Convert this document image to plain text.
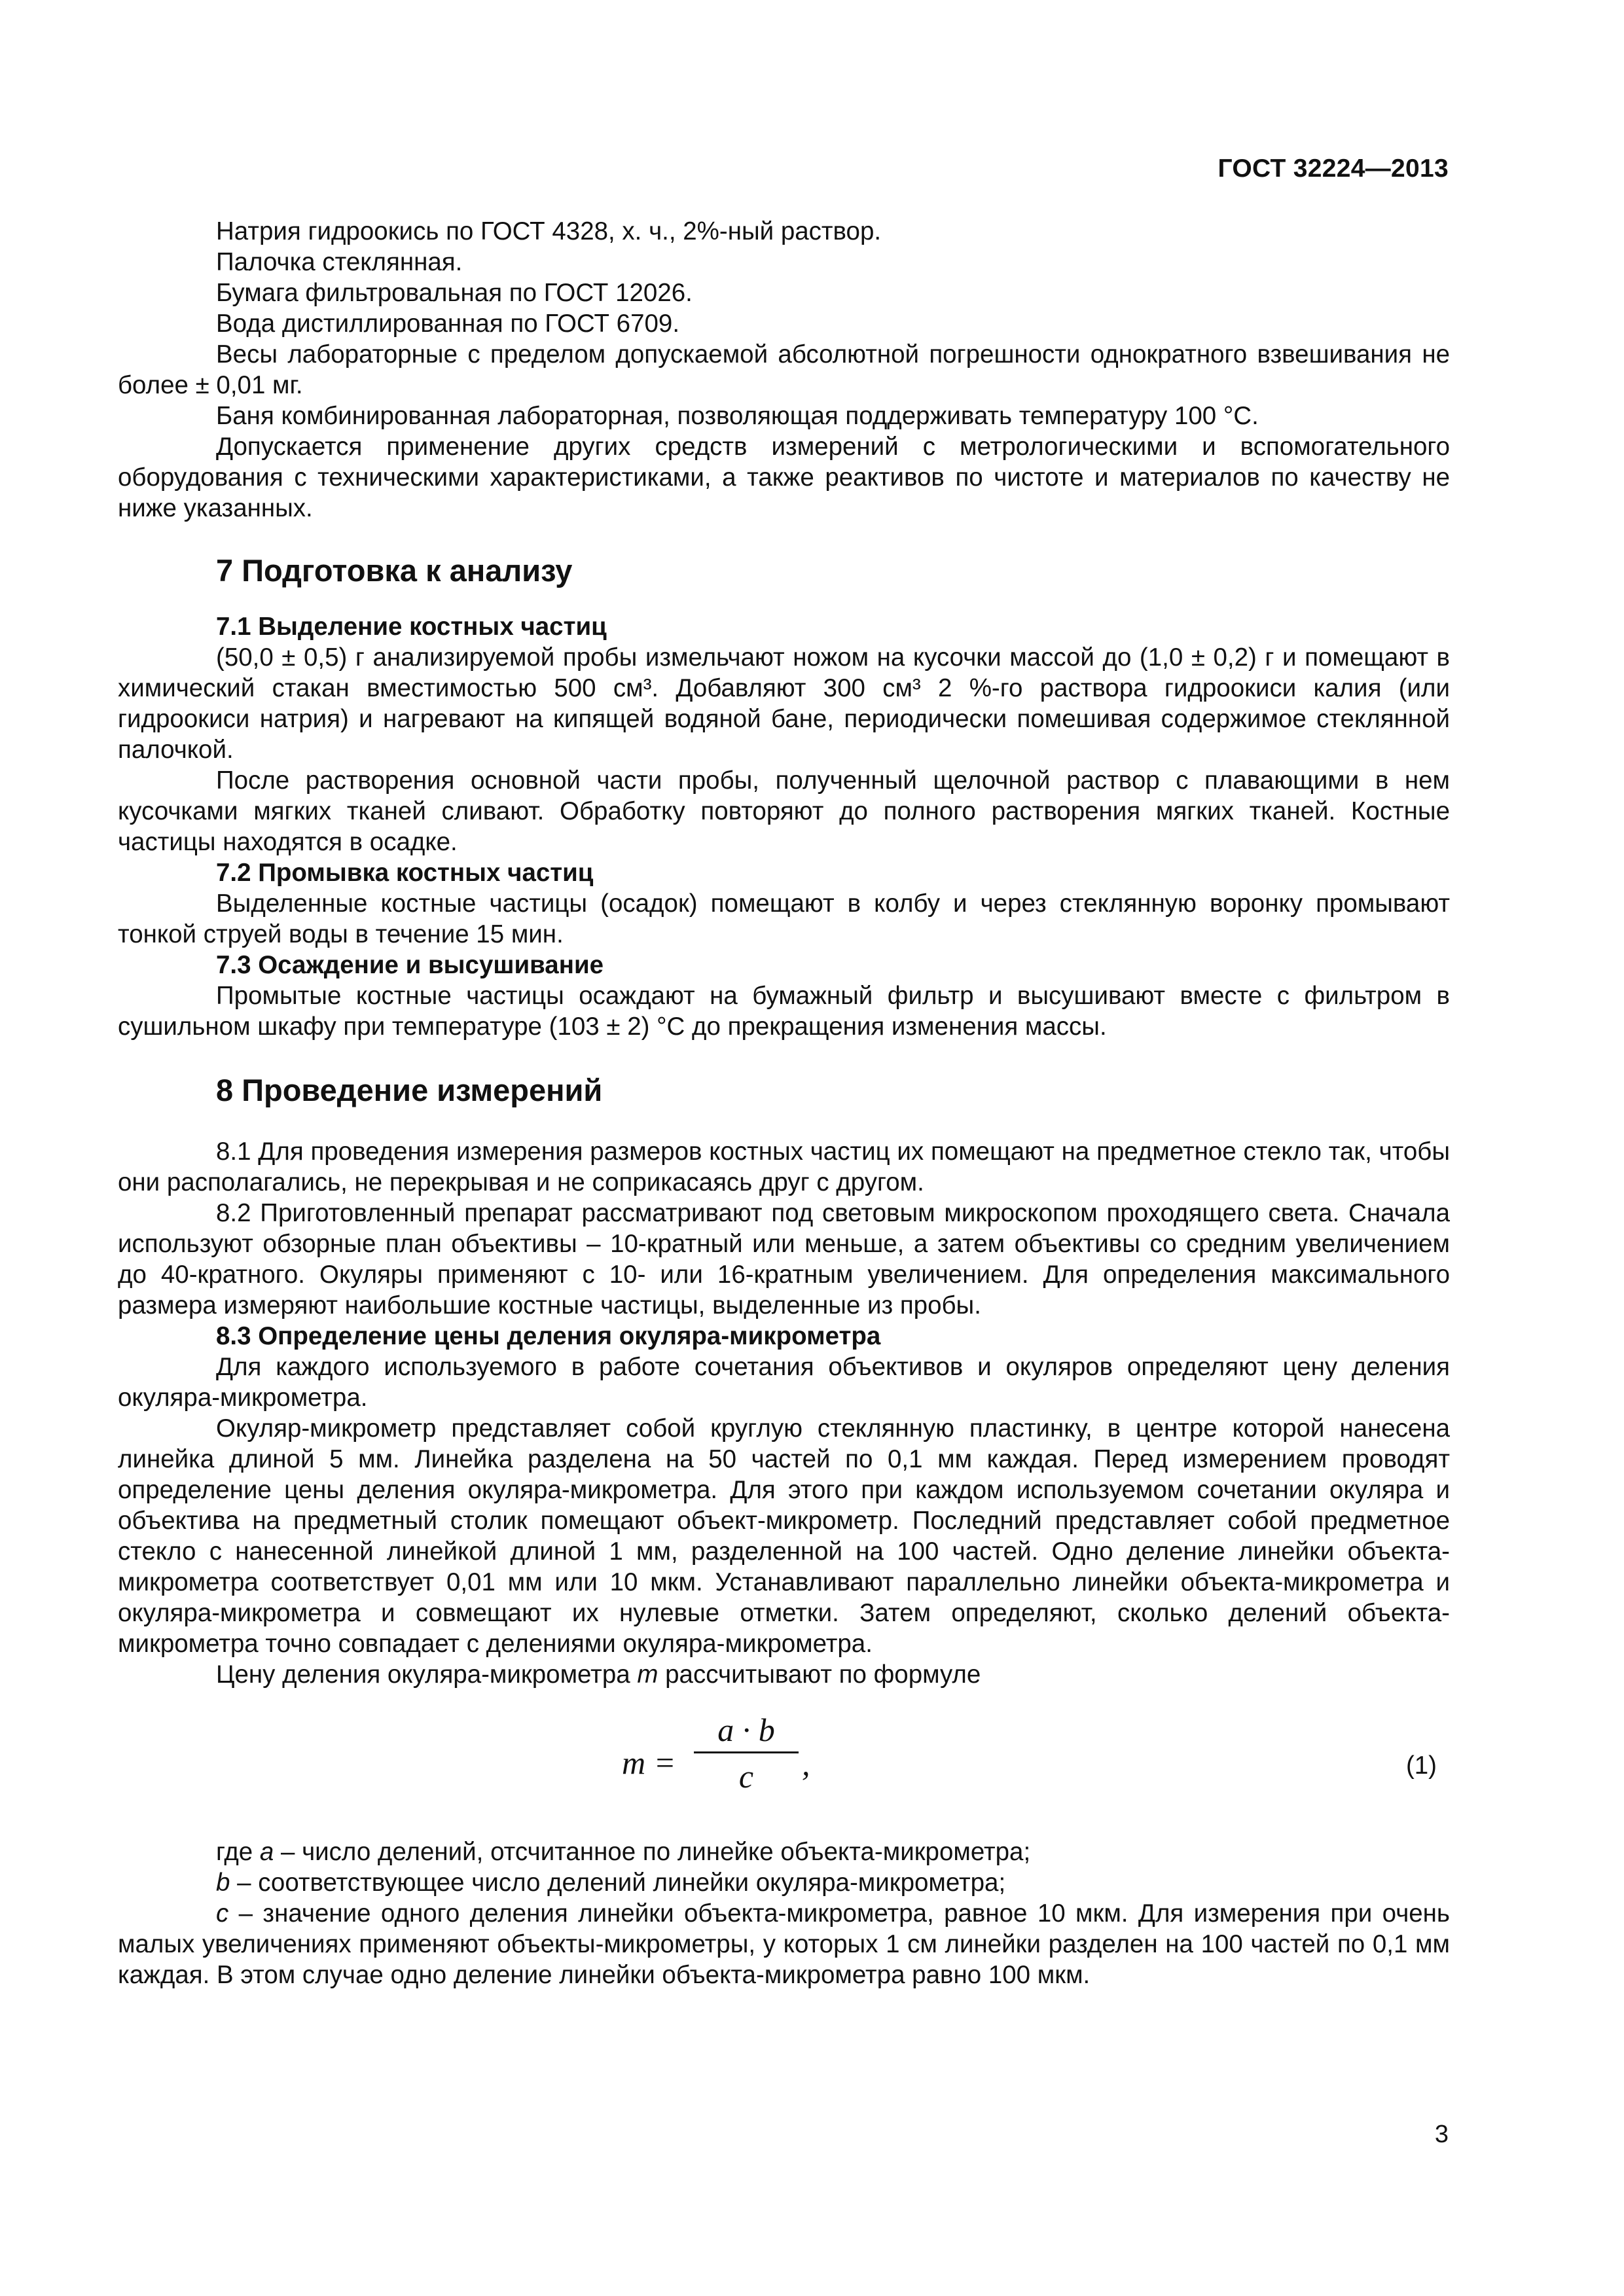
ГОСТ 32224—2013

Натрия гидроокись по ГОСТ 4328, х. ч., 2%-ный раствор.

Палочка стеклянная.

Бумага фильтровальная по ГОСТ 12026.

Вода дистиллированная по ГОСТ 6709.

Весы лабораторные с пределом допускаемой абсолютной погрешности однократного взвешивания не более ± 0,01 мг.

Баня комбинированная лабораторная, позволяющая поддерживать температуру 100 °С.

Допускается применение других средств измерений с метрологическими и вспомогательного оборудования с техническими характеристиками, а также реактивов по чистоте и материалов по качеству не ниже указанных.

7 Подготовка к анализу
7.1 Выделение костных частиц

(50,0 ± 0,5) г анализируемой пробы измельчают ножом на кусочки массой до (1,0 ± 0,2) г и помещают в химический стакан вместимостью 500 см³. Добавляют 300 см³ 2 %-го раствора гидроокиси калия (или гидроокиси натрия) и нагревают на кипящей водяной бане, периодически помешивая содержимое стеклянной палочкой.

После растворения основной части пробы, полученный щелочной раствор с плавающими в нем кусочками мягких тканей сливают. Обработку повторяют до полного растворения мягких тканей. Костные частицы находятся в осадке.

7.2 Промывка костных частиц

Выделенные костные частицы (осадок) помещают в колбу и через стеклянную воронку промывают тонкой струей воды в течение 15 мин.

7.3 Осаждение и высушивание

Промытые костные частицы осаждают на бумажный фильтр и высушивают вместе с фильтром в сушильном шкафу при температуре (103 ± 2) °С до прекращения изменения массы.

8 Проведение измерений

8.1 Для проведения измерения размеров костных частиц их помещают на предметное стекло так, чтобы они располагались, не перекрывая и не соприкасаясь друг с другом.

8.2 Приготовленный препарат рассматривают под световым микроскопом проходящего света. Сначала используют обзорные план объективы – 10-кратный или меньше, а затем объективы со средним увеличением до 40-кратного. Окуляры применяют с 10- или 16-кратным увеличением. Для определения максимального размера измеряют наибольшие костные частицы, выделенные из пробы.

8.3 Определение цены деления окуляра-микрометра

Для каждого используемого в работе сочетания объективов и окуляров определяют цену деления окуляра-микрометра.

Окуляр-микрометр представляет собой круглую стеклянную пластинку, в центре которой нанесена линейка длиной 5 мм. Линейка разделена на 50 частей по 0,1 мм каждая. Перед измерением проводят определение цены деления окуляра-микрометра. Для этого при каждом используемом сочетании окуляра и объектива на предметный столик помещают объект-микрометр. Последний представляет собой предметное стекло с нанесенной линейкой длиной 1 мм, разделенной на 100 частей. Одно деление линейки объекта-микрометра соответствует 0,01 мм или 10 мкм. Устанавливают параллельно линейки объекта-микрометра и окуляра-микрометра и совмещают их нулевые отметки. Затем определяют, сколько делений объекта-микрометра точно совпадает с делениями окуляра-микрометра.

Цену деления окуляра-микрометра m рассчитывают по формуле

m =
a · b
c	,	(1)

где a – число делений, отсчитанное по линейке объекта-микрометра;

b – соответствующее число делений линейки окуляра-микрометра;

c – значение одного деления линейки объекта-микрометра, равное 10 мкм. Для измерения при очень малых увеличениях применяют объекты-микрометры, у которых 1 см линейки разделен на 100 частей по 0,1 мм каждая. В этом случае одно деление линейки объекта-микрометра равно 100 мкм.

3
